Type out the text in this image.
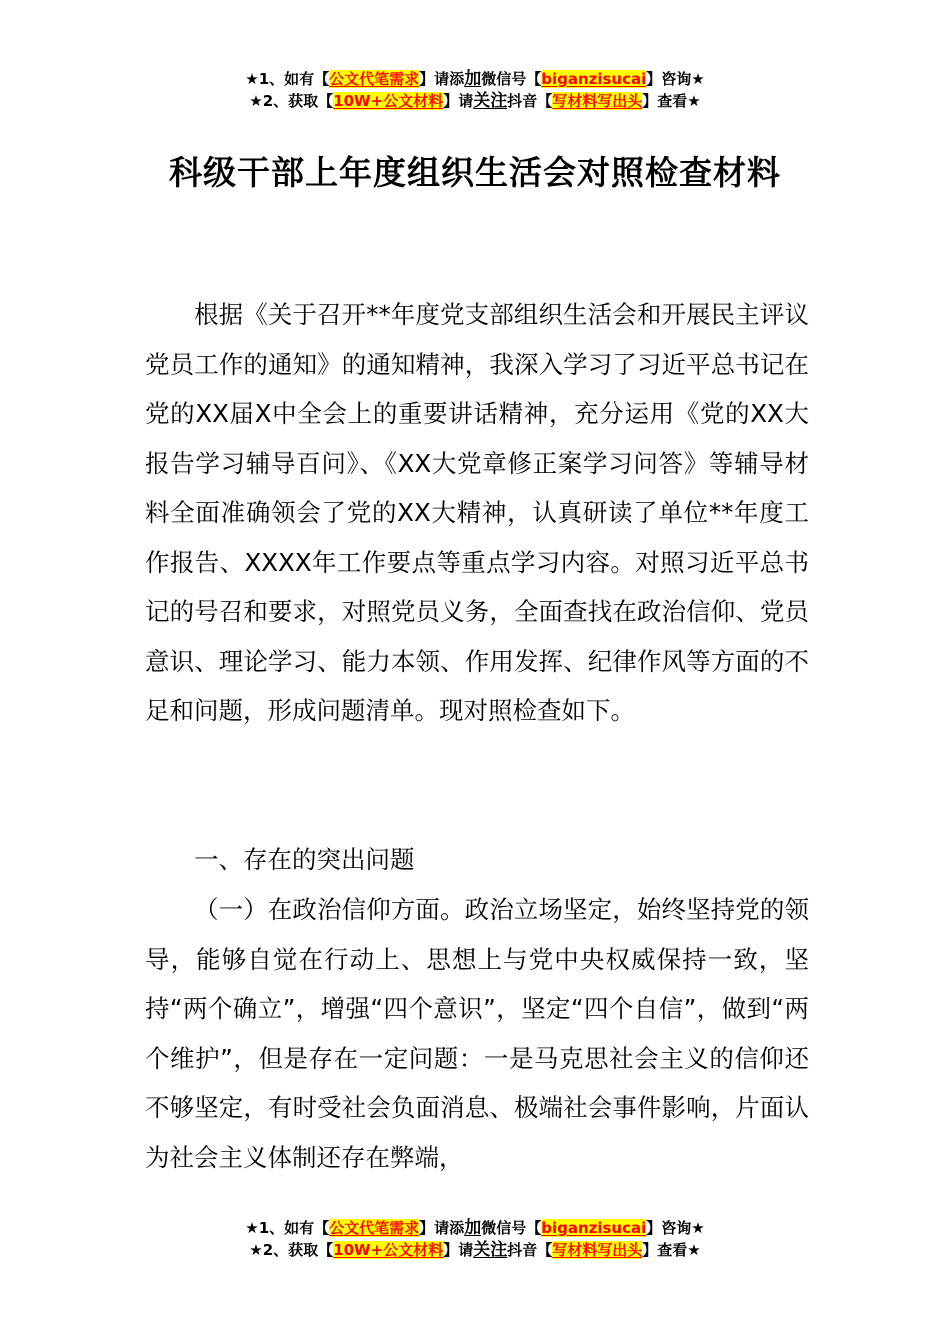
★1、如有【公文代笔需求】请添加微信号【biganzisucai】咨询★
★2、获取【10W+公文材料】请关注抖音【写材料写出头】查看★
科级干部上年度组织生活会对照检查材料

根据《关于召开**年度党支部组织生活会和开展民主评议党员工作的通知》的通知精神，我深入学习了习近平总书记在党的XX届X中全会上的重要讲话精神，充分运用《党的XX大报告学习辅导百问》、《XX大党章修正案学习问答》等辅导材料全面准确领会了党的XX大精神，认真研读了单位**年度工作报告、XXXX年工作要点等重点学习内容。对照习近平总书记的号召和要求，对照党员义务，全面查找在政治信仰、党员意识、理论学习、能力本领、作用发挥、纪律作风等方面的不足和问题，形成问题清单。现对照检查如下。

一、存在的突出问题

（一）在政治信仰方面。政治立场坚定，始终坚持党的领导，能够自觉在行动上、思想上与党中央权威保持一致，坚持“两个确立”，增强“四个意识”，坚定“四个自信”，做到“两个维护”，但是存在一定问题：一是马克思社会主义的信仰还不够坚定，有时受社会负面消息、极端社会事件影响，片面认为社会主义体制还存在弊端，

★1、如有【公文代笔需求】请添加微信号【biganzisucai】咨询★
★2、获取【10W+公文材料】请关注抖音【写材料写出头】查看★
